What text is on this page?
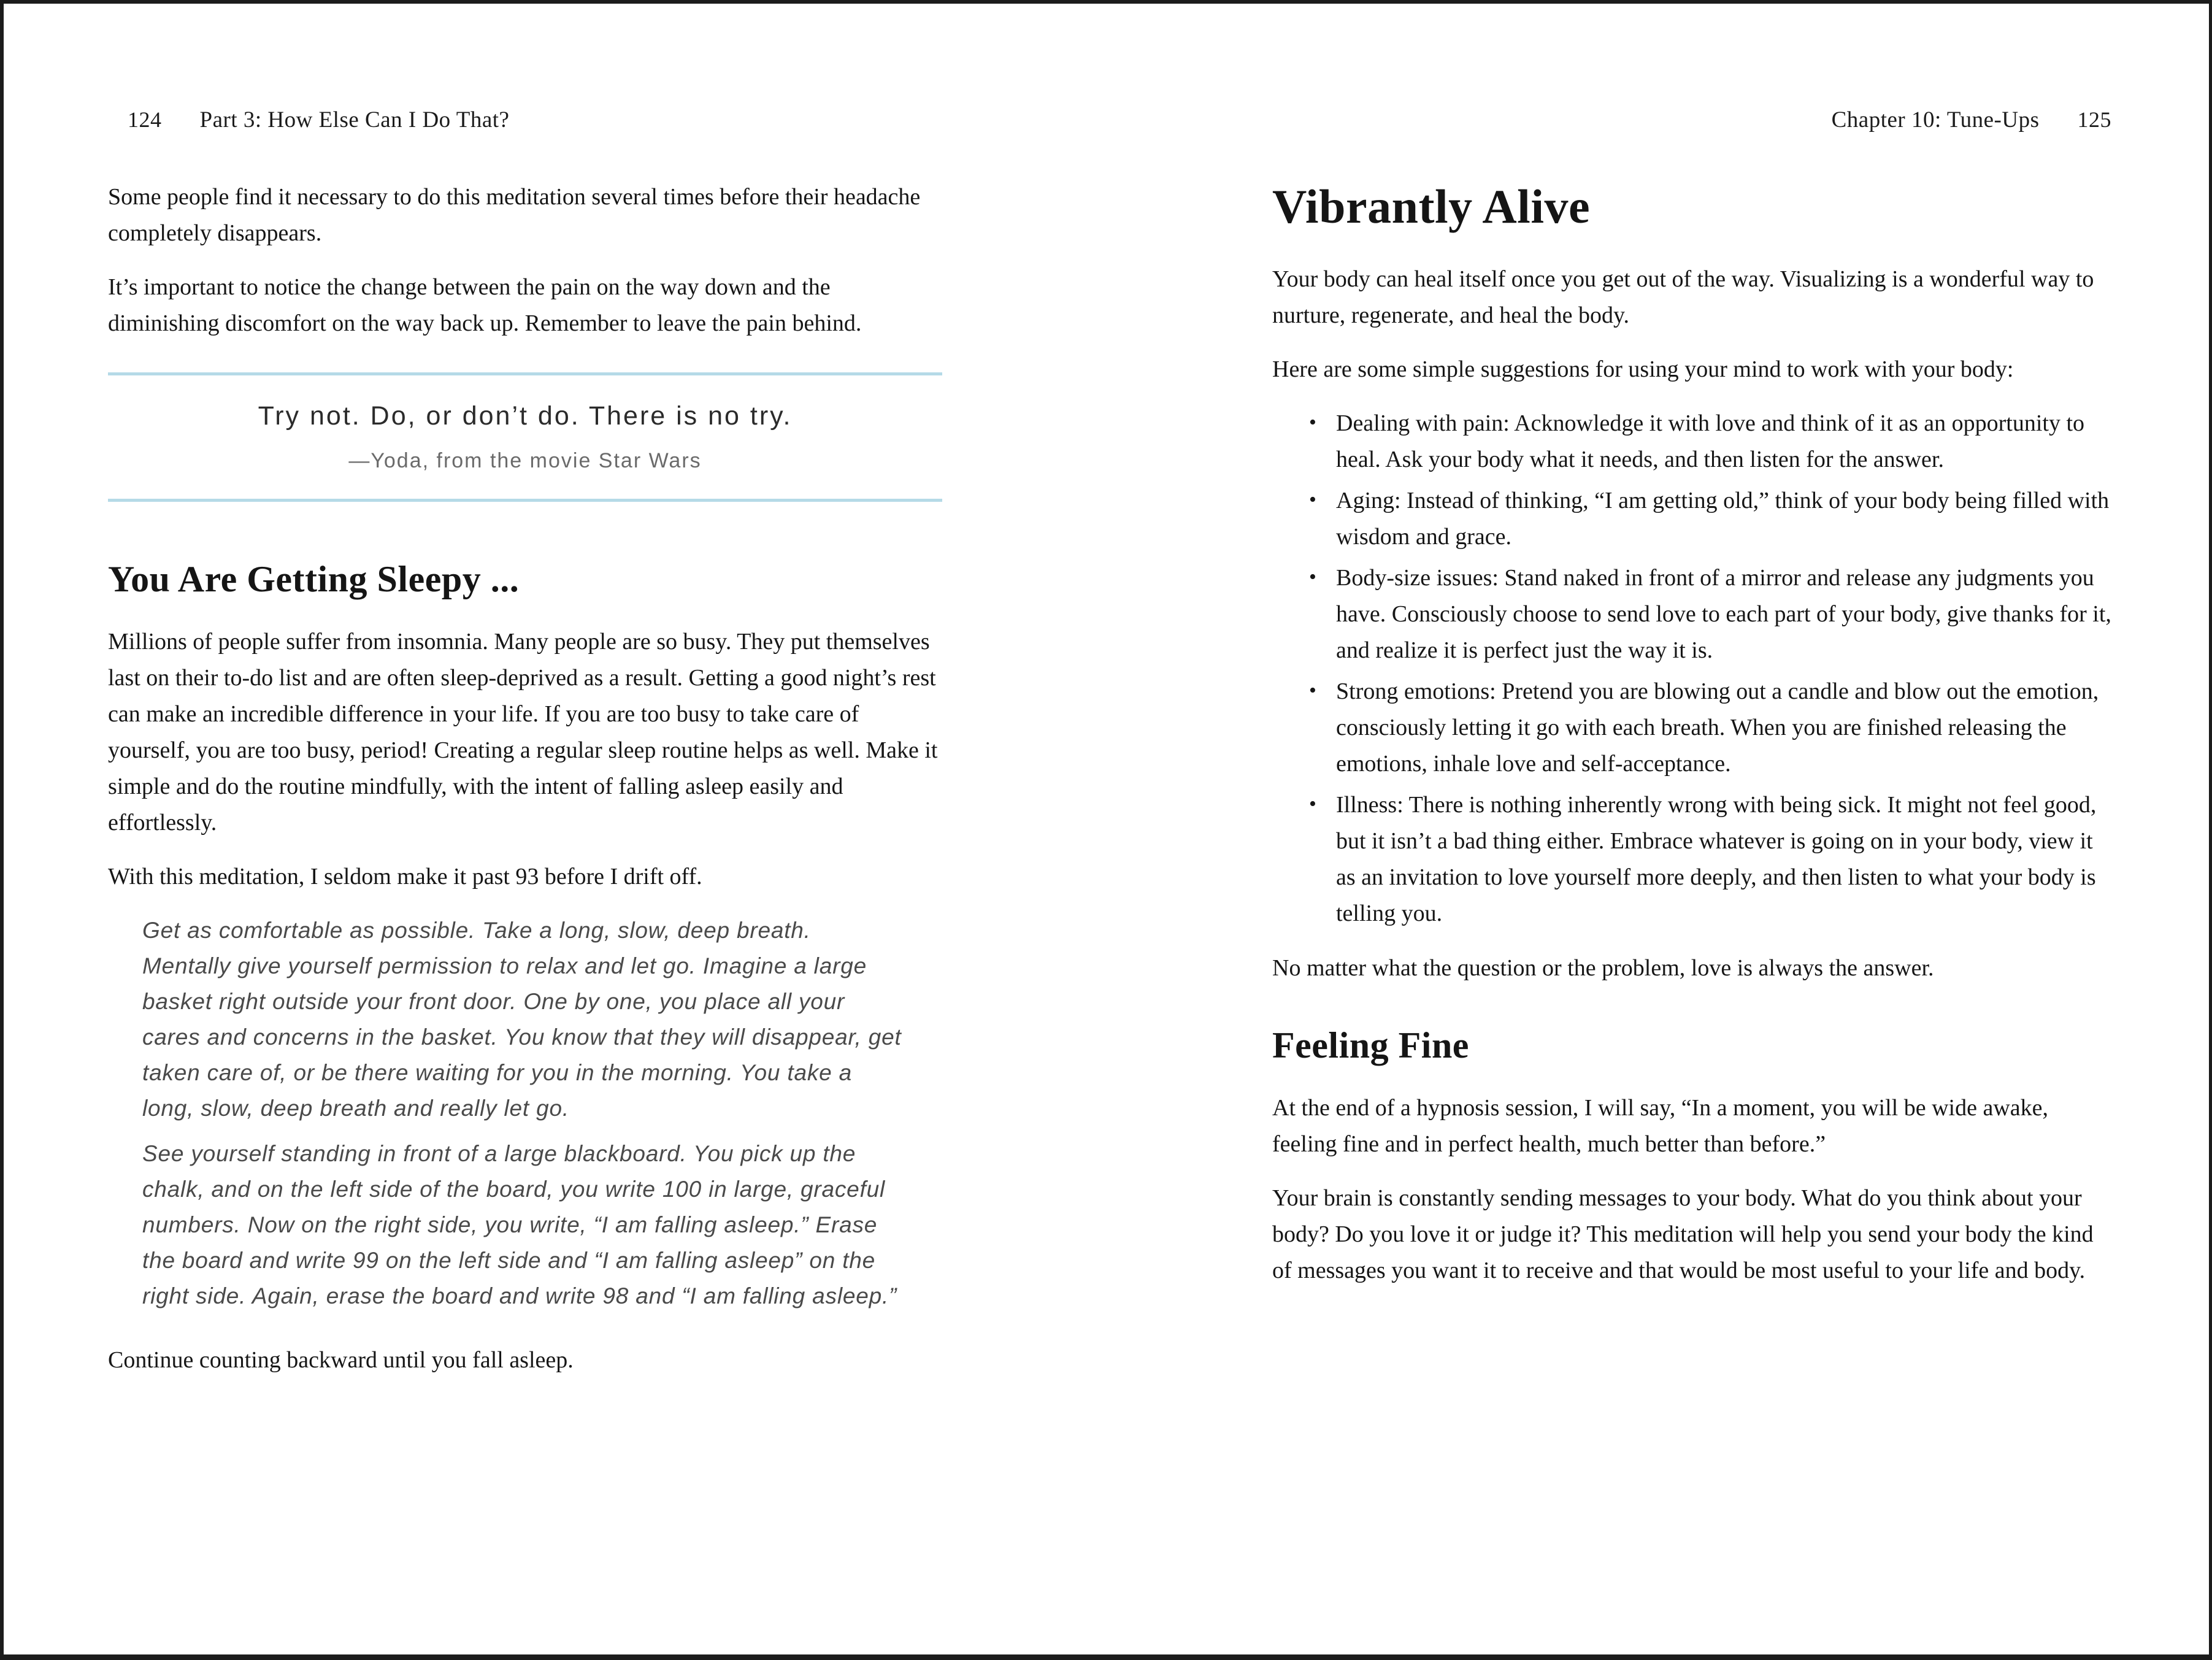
124 Part 3: How Else Can I Do That?

Some people find it necessary to do this meditation several times before their headache completely disappears.

It’s important to notice the change between the pain on the way down and the diminishing discomfort on the way back up. Remember to leave the pain behind.

Try not. Do, or don’t do. There is no try.
—Yoda, from the movie Star Wars
You Are Getting Sleepy ...

Millions of people suffer from insomnia. Many people are so busy. They put themselves last on their to-do list and are often sleep-deprived as a result. Getting a good night’s rest can make an incredible difference in your life. If you are too busy to take care of yourself, you are too busy, period! Creating a regular sleep routine helps as well. Make it simple and do the routine mindfully, with the intent of falling asleep easily and effortlessly.

With this meditation, I seldom make it past 93 before I drift off.

Get as comfortable as possible. Take a long, slow, deep breath. Mentally give yourself permission to relax and let go. Imagine a large basket right outside your front door. One by one, you place all your cares and concerns in the basket. You know that they will disappear, get taken care of, or be there waiting for you in the morning. You take a long, slow, deep breath and really let go.

See yourself standing in front of a large blackboard. You pick up the chalk, and on the left side of the board, you write 100 in large, graceful numbers. Now on the right side, you write, “I am falling asleep.” Erase the board and write 99 on the left side and “I am falling asleep” on the right side. Again, erase the board and write 98 and “I am falling asleep.”

Continue counting backward until you fall asleep.

Chapter 10: Tune-Ups 125
Vibrantly Alive

Your body can heal itself once you get out of the way. Visualizing is a wonderful way to nurture, regenerate, and heal the body.

Here are some simple suggestions for using your mind to work with your body:

• Dealing with pain: Acknowledge it with love and think of it as an opportunity to heal. Ask your body what it needs, and then listen for the answer.
• Aging: Instead of thinking, “I am getting old,” think of your body being filled with wisdom and grace.
• Body-size issues: Stand naked in front of a mirror and release any judgments you have. Consciously choose to send love to each part of your body, give thanks for it, and realize it is perfect just the way it is.
• Strong emotions: Pretend you are blowing out a candle and blow out the emotion, consciously letting it go with each breath. When you are finished releasing the emotions, inhale love and self-acceptance.
• Illness: There is nothing inherently wrong with being sick. It might not feel good, but it isn’t a bad thing either. Embrace whatever is going on in your body, view it as an invitation to love yourself more deeply, and then listen to what your body is telling you.

No matter what the question or the problem, love is always the answer.

Feeling Fine

At the end of a hypnosis session, I will say, “In a moment, you will be wide awake, feeling fine and in perfect health, much better than before.”

Your brain is constantly sending messages to your body. What do you think about your body? Do you love it or judge it? This meditation will help you send your body the kind of messages you want it to receive and that would be most useful to your life and body.
